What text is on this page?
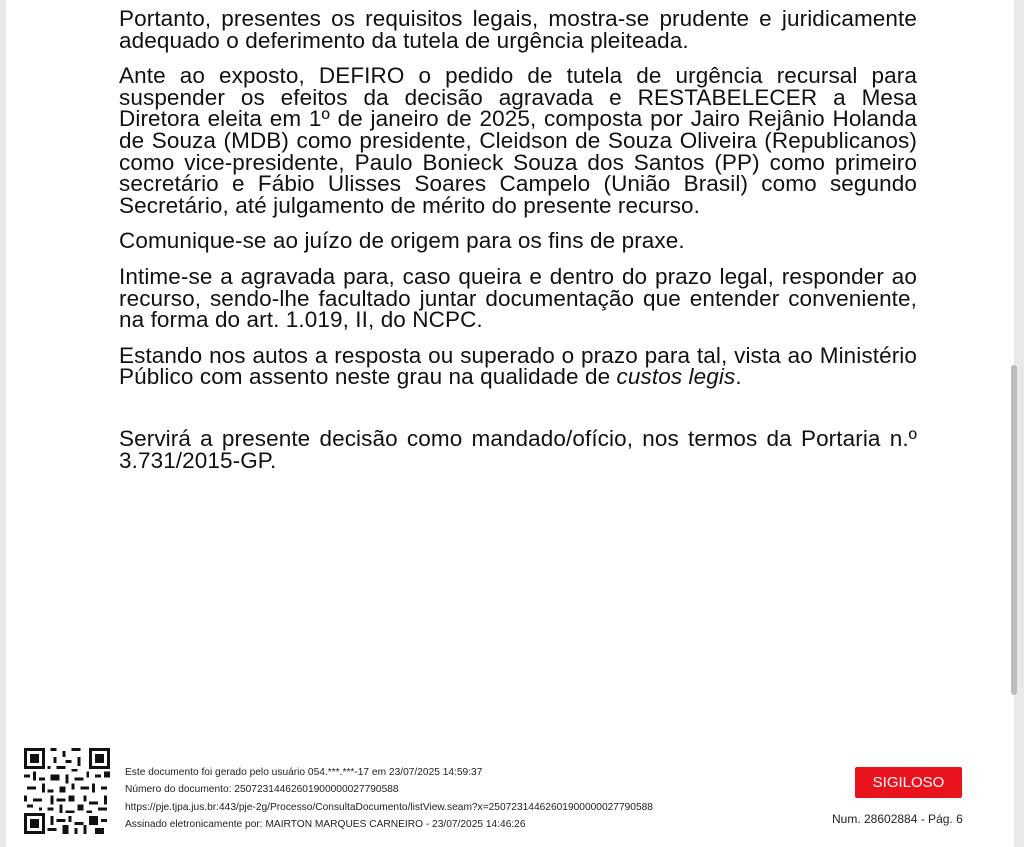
Portanto, presentes os requisitos legais, mostra-se prudente e juridicamente adequado o deferimento da tutela de urgência pleiteada.

Ante ao exposto, DEFIRO o pedido de tutela de urgência recursal para suspender os efeitos da decisão agravada e RESTABELECER a Mesa Diretora eleita em 1º de janeiro de 2025, composta por Jairo Rejânio Holanda de Souza (MDB) como presidente, Cleidson de Souza Oliveira (Republicanos) como vice-presidente, Paulo Bonieck Souza dos Santos (PP) como primeiro secretário e Fábio Ulisses Soares Campelo (União Brasil) como segundo Secretário, até julgamento de mérito do presente recurso.

Comunique-se ao juízo de origem para os fins de praxe.

Intime-se a agravada para, caso queira e dentro do prazo legal, responder ao recurso, sendo-lhe facultado juntar documentação que entender conveniente, na forma do art. 1.019, II, do NCPC.

Estando nos autos a resposta ou superado o prazo para tal, vista ao Ministério Público com assento neste grau na qualidade de custos legis.

Servirá a presente decisão como mandado/ofício, nos termos da Portaria n.º 3.731/2015-GP.

Este documento foi gerado pelo usuário 054.***.***-17 em 23/07/2025 14:59:37
Número do documento: 25072314462601900000027790588
https://pje.tjpa.jus.br:443/pje-2g/Processo/ConsultaDocumento/listView.seam?x=25072314462601900000027790588
Assinado eletronicamente por: MAIRTON MARQUES CARNEIRO - 23/07/2025 14:46:26
SIGILOSO
Num. 28602884 - Pág. 6
